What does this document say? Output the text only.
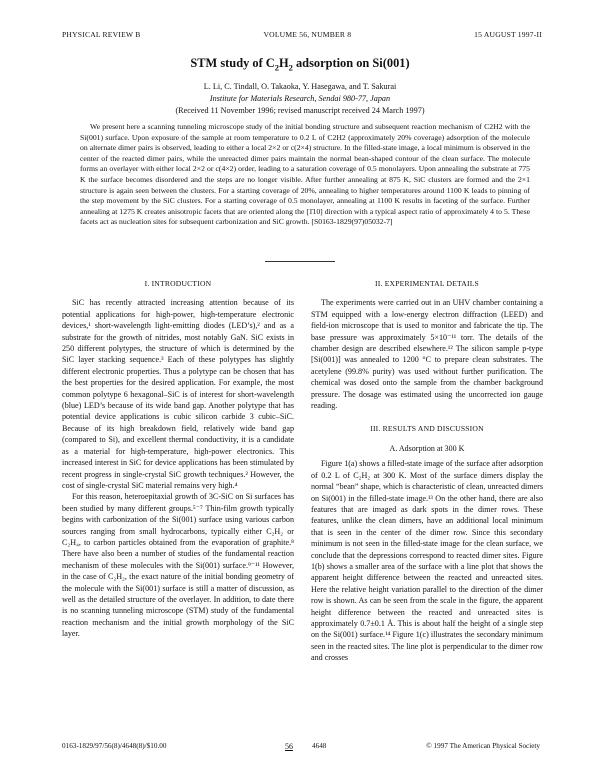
PHYSICAL REVIEW B	VOLUME 56, NUMBER 8	15 AUGUST 1997-II
STM study of $C_2H_2$ adsorption on Si(001)
L. Li, C. Tindall, O. Takaoka, Y. Hasegawa, and T. Sakurai
Institute for Materials Research, Sendai 980-77, Japan
(Received 11 November 1996; revised manuscript received 24 March 1997)

We present here a scanning tunneling microscope study of the initial bonding structure and subsequent reaction mechanism of C2H2 with the Si(001) surface. Upon exposure of the sample at room temperature to 0.2 L of C2H2 (approximately 20% coverage) adsorption of the molecule on alternate dimer pairs is observed, leading to either a local 2×2 or c(2×4) structure. In the filled-state image, a local minimum is observed in the center of the reacted dimer pairs, while the unreacted dimer pairs maintain the normal bean-shaped contour of the clean surface. The molecule forms an overlayer with either local 2×2 or c(4×2) order, leading to a saturation coverage of 0.5 monolayers. Upon annealing the substrate at 775 K the surface becomes disordered and the steps are no longer visible. After further annealing at 875 K, SiC clusters are formed and the 2×1 structure is again seen between the clusters. For a starting coverage of 20%, annealing to higher temperatures around 1100 K leads to pinning of the step movement by the SiC clusters. For a starting coverage of 0.5 monolayer, annealing at 1100 K results in faceting of the surface. Further annealing at 1275 K creates anisotropic facets that are oriented along the [1̄10] direction with a typical aspect ratio of approximately 4 to 5. These facets act as nucleation sites for subsequent carbonization and SiC growth. [S0163-1829(97)05032-7]

I. INTRODUCTION

SiC has recently attracted increasing attention because of its potential applications for high-power, high-temperature electronic devices,¹ short-wavelength light-emitting diodes (LED’s),² and as a substrate for the growth of nitrides, most notably GaN. SiC exists in 250 different polytypes, the structure of which is determined by the SiC layer stacking sequence.³ Each of these polytypes has slightly different electronic properties. Thus a polytype can be chosen that has the best properties for the desired application. For example, the most common polytype 6 hexagonal–SiC is of interest for short-wavelength (blue) LED’s because of its wide band gap. Another polytype that has potential device applications is cubic silicon carbide 3 cubic–SiC. Because of its high breakdown field, relatively wide band gap (compared to Si), and excellent thermal conductivity, it is a candidate as a material for high-temperature, high-power electronics. This increased interest in SiC for device applications has been stimulated by recent progress in single-crystal SiC growth techniques.² However, the cost of single-crystal SiC material remains very high.⁴

For this reason, heteroepitaxial growth of 3C-SiC on Si surfaces has been studied by many different groups.⁵⁻⁷ Thin-film growth typically begins with carbonization of the Si(001) surface using various carbon sources ranging from small hydrocarbons, typically either C₂H₂ or C₂H₄, to carbon particles obtained from the evaporation of graphite.⁸ There have also been a number of studies of the fundamental reaction mechanism of these molecules with the Si(001) surface.⁹⁻¹¹ However, in the case of C₂H₂, the exact nature of the initial bonding geometry of the molecule with the Si(001) surface is still a matter of discussion, as well as the detailed structure of the overlayer. In addition, to date there is no scanning tunneling microscope (STM) study of the fundamental reaction mechanism and the initial growth morphology of the SiC layer.

II. EXPERIMENTAL DETAILS

The experiments were carried out in an UHV chamber containing a STM equipped with a low-energy electron diffraction (LEED) and field-ion microscope that is used to monitor and fabricate the tip. The base pressure was approximately 5×10⁻¹¹ torr. The details of the chamber design are described elsewhere.¹² The silicon sample p-type [Si(001)] was annealed to 1200 °C to prepare clean substrates. The acetylene (99.8% purity) was used without further purification. The chemical was dosed onto the sample from the chamber background pressure. The dosage was estimated using the uncorrected ion gauge reading.

III. RESULTS AND DISCUSSION
A. Adsorption at 300 K

Figure 1(a) shows a filled-state image of the surface after adsorption of 0.2 L of C₂H₂ at 300 K. Most of the surface dimers display the normal “bean” shape, which is characteristic of clean, unreacted dimers on Si(001) in the filled-state image.¹³ On the other hand, there are also features that are imaged as dark spots in the dimer rows. These features, unlike the clean dimers, have an additional local minimum that is seen in the center of the dimer row. Since this secondary minimum is not seen in the filled-state image for the clean surface, we conclude that the depressions correspond to reacted dimer sites. Figure 1(b) shows a smaller area of the surface with a line plot that shows the apparent height difference between the reacted and unreacted sites. Here the relative height variation parallel to the direction of the dimer row is shown. As can be seen from the scale in the figure, the apparent height difference between the reacted and unreacted sites is approximately 0.7±0.1 Å. This is about half the height of a single step on the Si(001) surface.¹⁴ Figure 1(c) illustrates the secondary minimum seen in the reacted sites. The line plot is perpendicular to the dimer row and crosses

0163-1829/97/56(8)/4648(8)/$10.00	56	4648	© 1997 The American Physical Society
